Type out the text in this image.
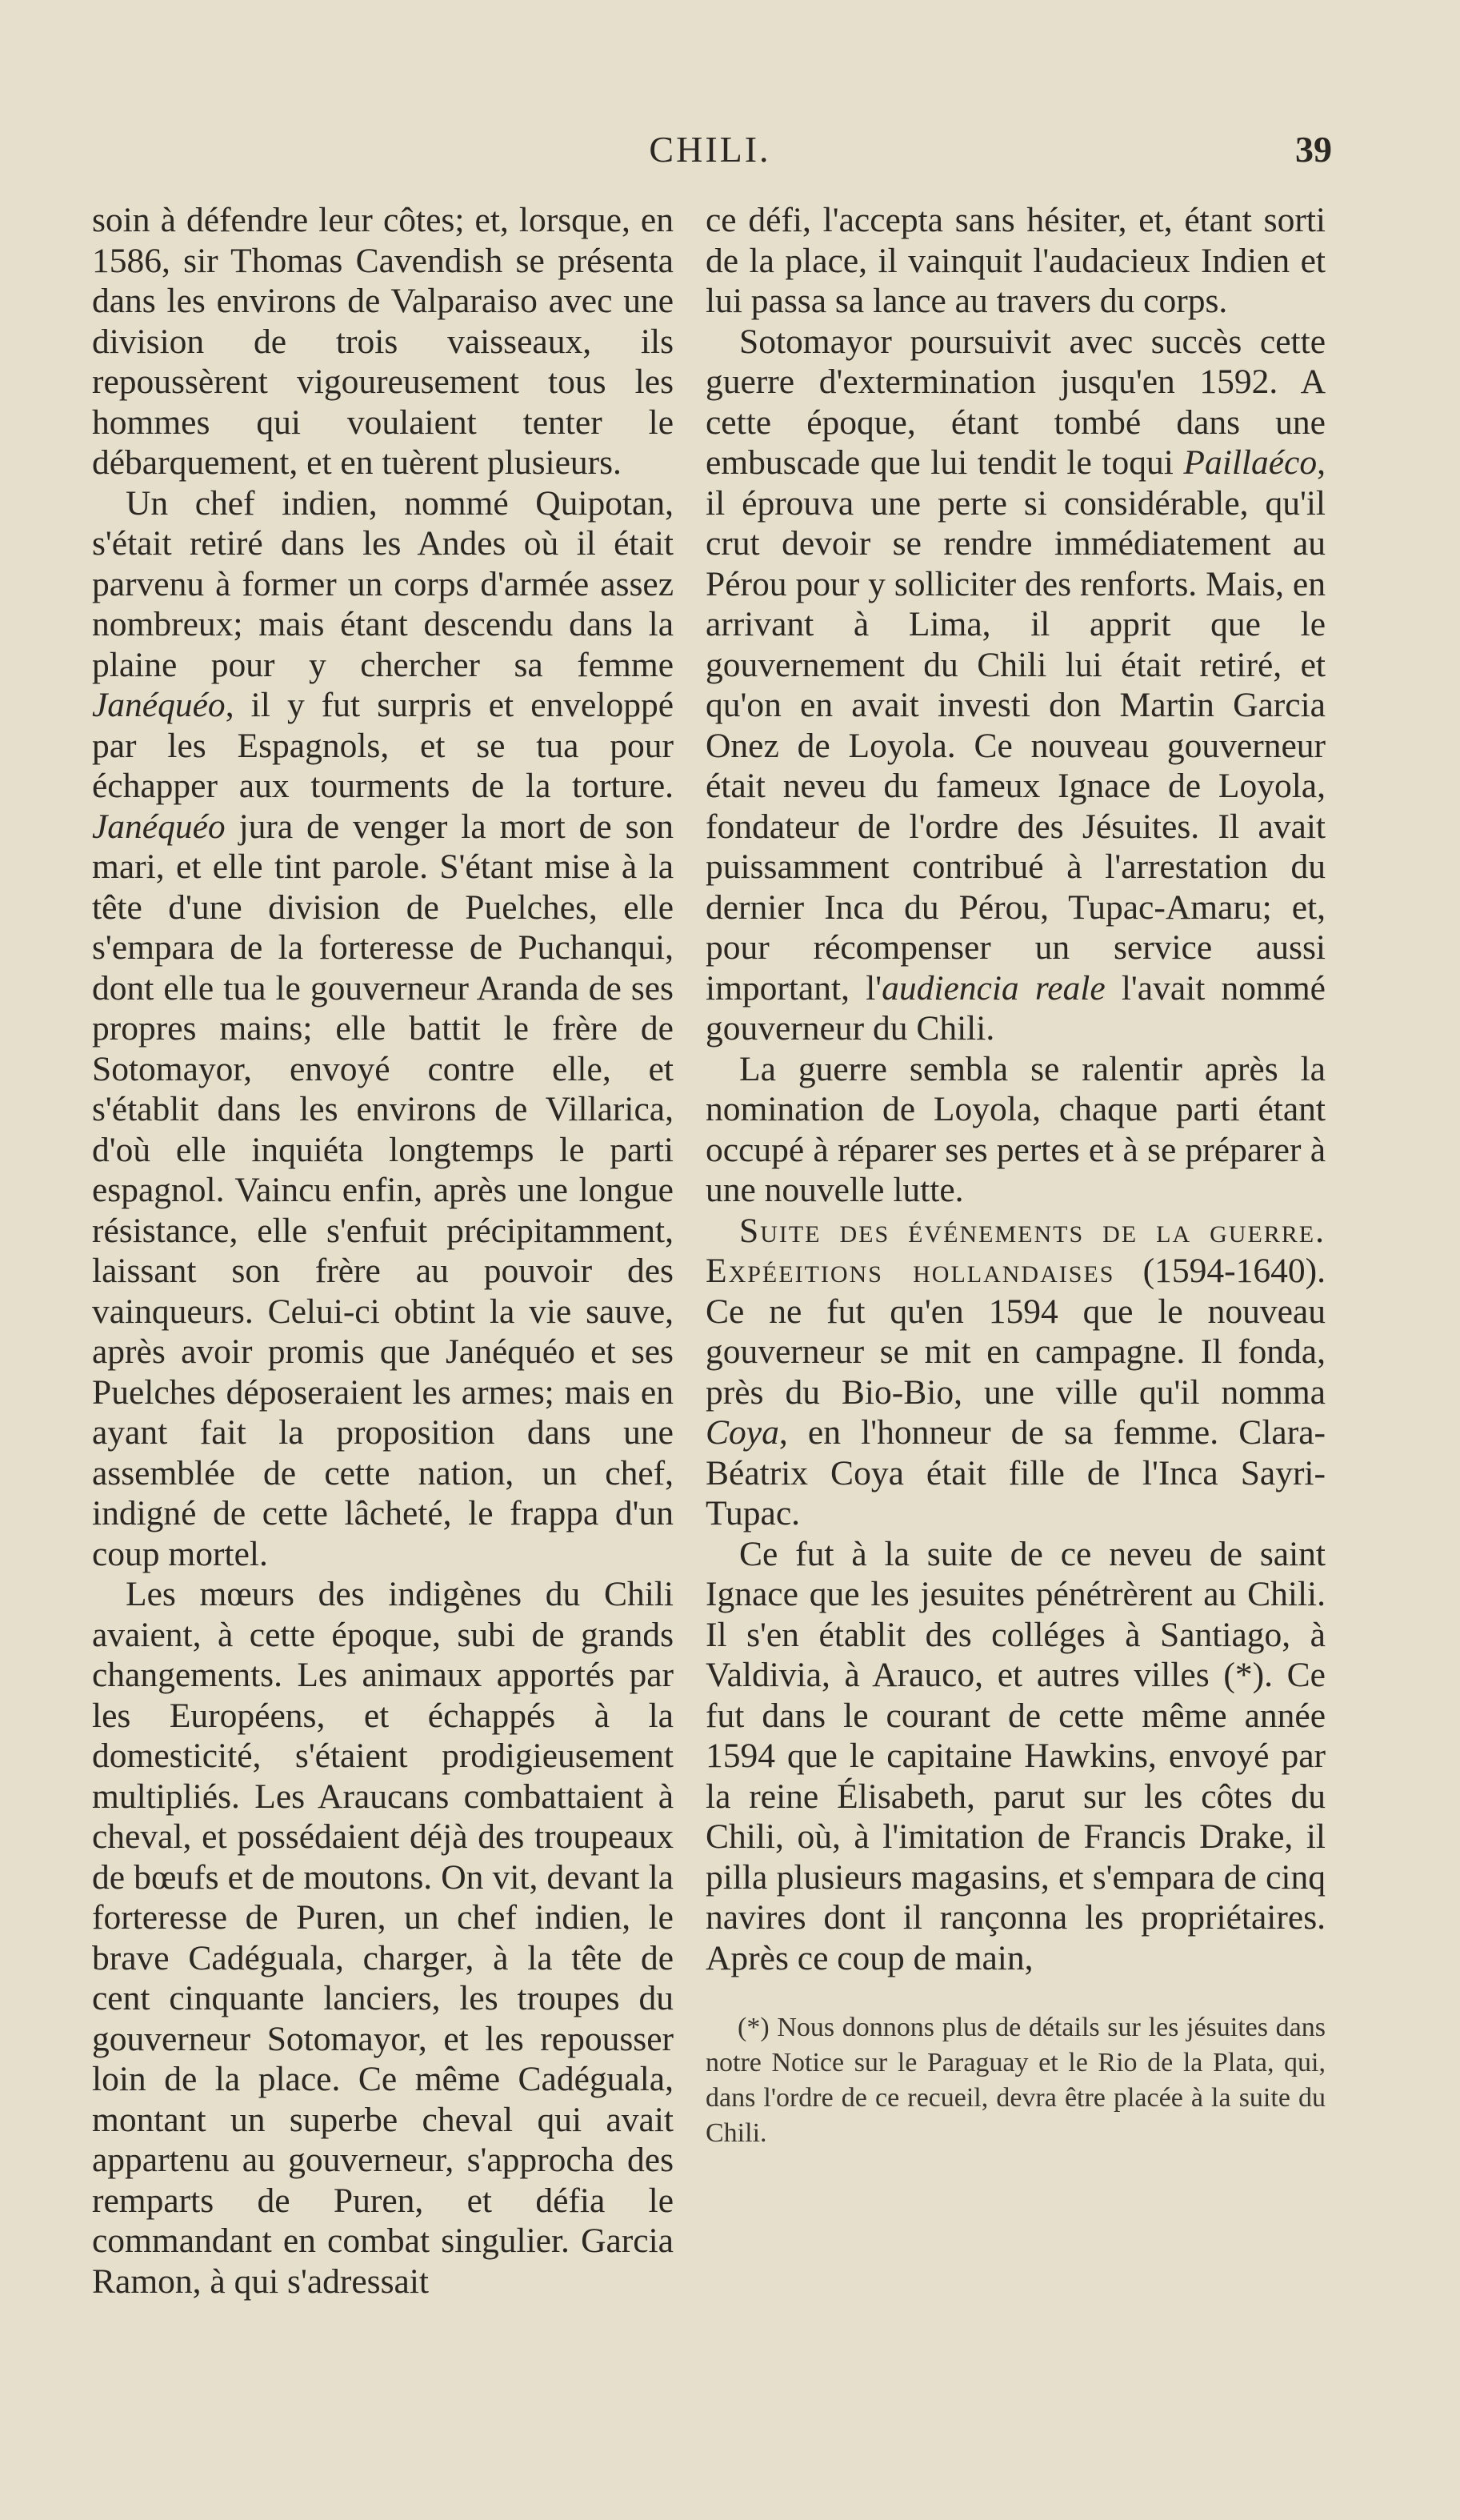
CHILI.	39

soin à défendre leur côtes; et, lorsque, en 1586, sir Thomas Cavendish se présenta dans les environs de Valparaiso avec une division de trois vaisseaux, ils repoussèrent vigoureusement tous les hommes qui voulaient tenter le débarquement, et en tuèrent plusieurs.

Un chef indien, nommé Quipotan, s'était retiré dans les Andes où il était parvenu à former un corps d'armée assez nombreux; mais étant descendu dans la plaine pour y chercher sa femme Janéquéo, il y fut surpris et enveloppé par les Espagnols, et se tua pour échapper aux tourments de la torture. Janéquéo jura de venger la mort de son mari, et elle tint parole. S'étant mise à la tête d'une division de Puelches, elle s'empara de la forteresse de Puchanqui, dont elle tua le gouverneur Aranda de ses propres mains; elle battit le frère de Sotomayor, envoyé contre elle, et s'établit dans les environs de Villarica, d'où elle inquiéta longtemps le parti espagnol. Vaincu enfin, après une longue résistance, elle s'enfuit précipitamment, laissant son frère au pouvoir des vainqueurs. Celui-ci obtint la vie sauve, après avoir promis que Janéquéo et ses Puelches déposeraient les armes; mais en ayant fait la proposition dans une assemblée de cette nation, un chef, indigné de cette lâcheté, le frappa d'un coup mortel.

Les mœurs des indigènes du Chili avaient, à cette époque, subi de grands changements. Les animaux apportés par les Européens, et échappés à la domesticité, s'étaient prodigieusement multipliés. Les Araucans combattaient à cheval, et possédaient déjà des troupeaux de bœufs et de moutons. On vit, devant la forteresse de Puren, un chef indien, le brave Cadéguala, charger, à la tête de cent cinquante lanciers, les troupes du gouverneur Sotomayor, et les repousser loin de la place. Ce même Cadéguala, montant un superbe cheval qui avait appartenu au gouverneur, s'approcha des remparts de Puren, et défia le commandant en combat singulier. Garcia Ramon, à qui s'adressait

ce défi, l'accepta sans hésiter, et, étant sorti de la place, il vainquit l'audacieux Indien et lui passa sa lance au travers du corps.

Sotomayor poursuivit avec succès cette guerre d'extermination jusqu'en 1592. A cette époque, étant tombé dans une embuscade que lui tendit le toqui Paillaéco, il éprouva une perte si considérable, qu'il crut devoir se rendre immédiatement au Pérou pour y solliciter des renforts. Mais, en arrivant à Lima, il apprit que le gouvernement du Chili lui était retiré, et qu'on en avait investi don Martin Garcia Onez de Loyola. Ce nouveau gouverneur était neveu du fameux Ignace de Loyola, fondateur de l'ordre des Jésuites. Il avait puissamment contribué à l'arrestation du dernier Inca du Pérou, Tupac-Amaru; et, pour récompenser un service aussi important, l'audiencia reale l'avait nommé gouverneur du Chili.

La guerre sembla se ralentir après la nomination de Loyola, chaque parti étant occupé à réparer ses pertes et à se préparer à une nouvelle lutte.

Suite des événements de la guerre. Expéeitions hollandaises (1594-1640). Ce ne fut qu'en 1594 que le nouveau gouverneur se mit en campagne. Il fonda, près du Bio-Bio, une ville qu'il nomma Coya, en l'honneur de sa femme. Clara-Béatrix Coya était fille de l'Inca Sayri-Tupac.

Ce fut à la suite de ce neveu de saint Ignace que les jesuites pénétrèrent au Chili. Il s'en établit des colléges à Santiago, à Valdivia, à Arauco, et autres villes (*). Ce fut dans le courant de cette même année 1594 que le capitaine Hawkins, envoyé par la reine Élisabeth, parut sur les côtes du Chili, où, à l'imitation de Francis Drake, il pilla plusieurs magasins, et s'empara de cinq navires dont il rançonna les propriétaires. Après ce coup de main,

(*) Nous donnons plus de détails sur les jésuites dans notre Notice sur le Paraguay et le Rio de la Plata, qui, dans l'ordre de ce recueil, devra être placée à la suite du Chili.
